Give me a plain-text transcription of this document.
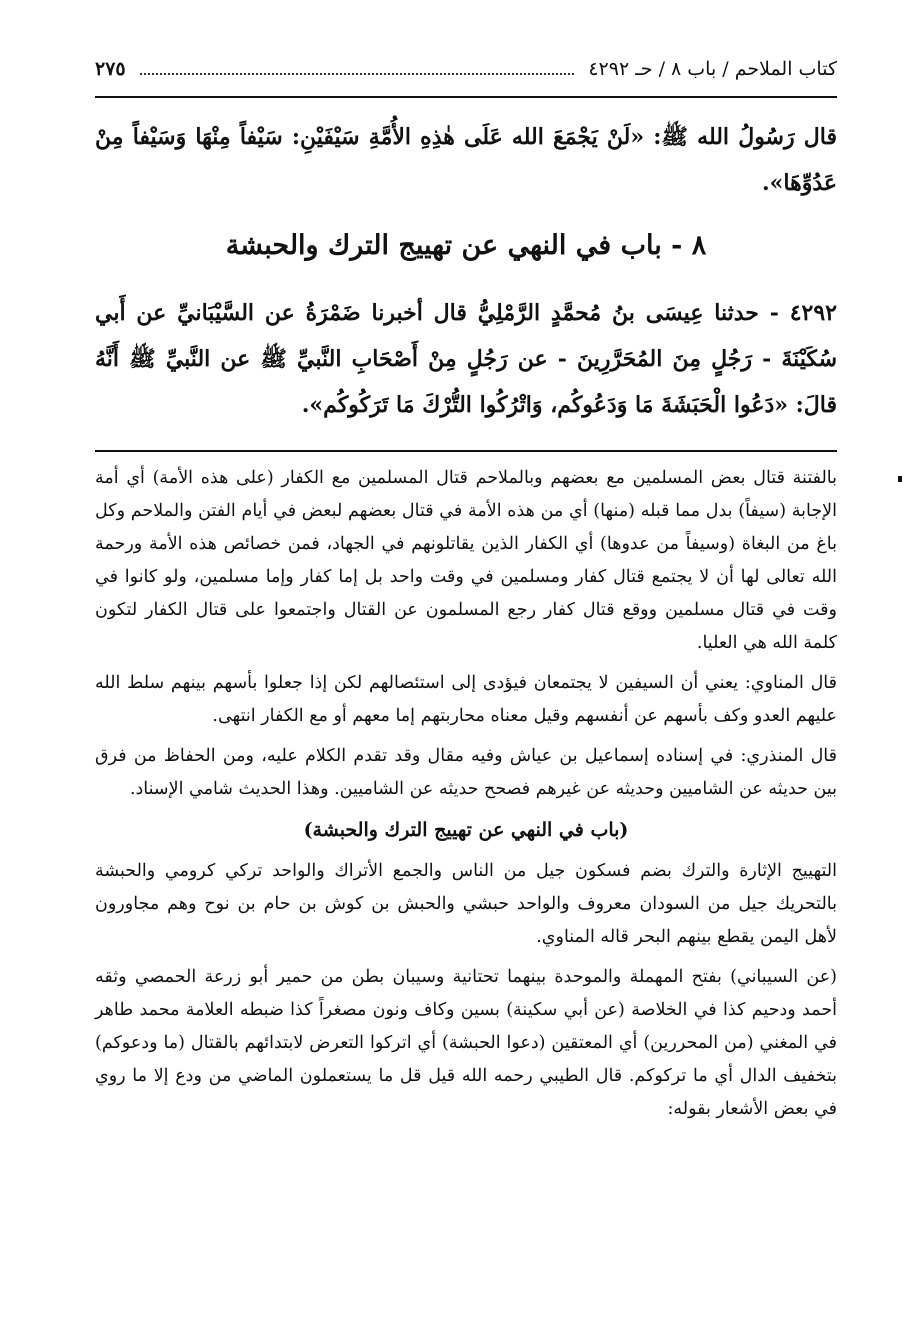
كتاب الملاحم / باب ٨ / حـ ٤٢٩٢
٢٧٥

قال رَسُولُ الله ﷺ: «لَنْ يَجْمَعَ الله عَلَى هٰذِهِ الأُمَّةِ سَيْفَيْنِ: سَيْفاً مِنْهَا وَسَيْفاً مِنْ عَدُوِّهَا».

٨ - باب في النهي عن تهييج الترك والحبشة

٤٢٩٢ - حدثنا عِيسَى بنُ مُحمَّدٍ الرَّمْلِيُّ قال أخبرنا ضَمْرَةُ عن السَّيْبَانيِّ عن أَبي سُكَيْنَةَ - رَجُلٍ مِنَ المُحَرَّرِينَ - عن رَجُلٍ مِنْ أَصْحَابِ النَّبيِّ ﷺ عن النَّبيِّ ﷺ أَنَّهُ قالَ: «دَعُوا الْحَبَشَةَ مَا وَدَعُوكُم، وَاتْرُكُوا التُّرْكَ مَا تَرَكُوكُم».

بالفتنة قتال بعض المسلمين مع بعضهم وبالملاحم قتال المسلمين مع الكفار (على هذه الأمة) أي أمة الإجابة (سيفاً) بدل مما قبله (منها) أي من هذه الأمة في قتال بعضهم لبعض في أيام الفتن والملاحم وكل باغ من البغاة (وسيفاً من عدوها) أي الكفار الذين يقاتلونهم في الجهاد، فمن خصائص هذه الأمة ورحمة الله تعالى لها أن لا يجتمع قتال كفار ومسلمين في وقت واحد بل إما كفار وإما مسلمين، ولو كانوا في وقت في قتال مسلمين ووقع قتال كفار رجع المسلمون عن القتال واجتمعوا على قتال الكفار لتكون كلمة الله هي العليا.

قال المناوي: يعني أن السيفين لا يجتمعان فيؤدى إلى استئصالهم لكن إذا جعلوا بأسهم بينهم سلط الله عليهم العدو وكف بأسهم عن أنفسهم وقيل معناه محاربتهم إما معهم أو مع الكفار انتهى.

قال المنذري: في إسناده إسماعيل بن عياش وفيه مقال وقد تقدم الكلام عليه، ومن الحفاظ من فرق بين حديثه عن الشاميين وحديثه عن غيرهم فصحح حديثه عن الشاميين. وهذا الحديث شامي الإسناد.

(باب في النهي عن تهييج الترك والحبشة)

التهييج الإثارة والترك بضم فسكون جيل من الناس والجمع الأتراك والواحد تركي كرومي والحبشة بالتحريك جيل من السودان معروف والواحد حبشي والحبش بن كوش بن حام بن نوح وهم مجاورون لأهل اليمن يقطع بينهم البحر قاله المناوي.

(عن السيباني) بفتح المهملة والموحدة بينهما تحتانية وسيبان بطن من حمير أبو زرعة الحمصي وثقه أحمد ودحيم كذا في الخلاصة (عن أبي سكينة) بسين وكاف ونون مصغراً كذا ضبطه العلامة محمد طاهر في المغني (من المحررين) أي المعتقين (دعوا الحبشة) أي اتركوا التعرض لابتدائهم بالقتال (ما ودعوكم) بتخفيف الدال أي ما تركوكم. قال الطيبي رحمه الله قيل قل ما يستعملون الماضي من ودع إلا ما روي في بعض الأشعار بقوله:
